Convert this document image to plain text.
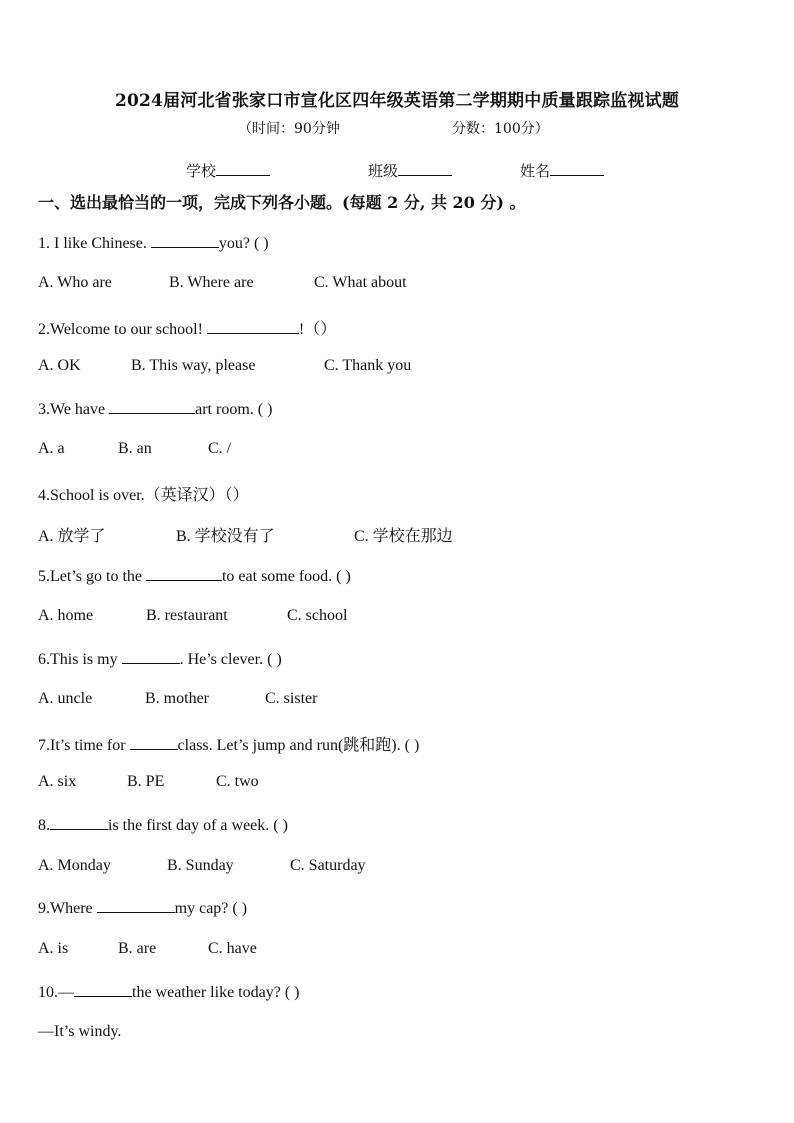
2024届河北省张家口市宣化区四年级英语第二学期期中质量跟踪监视试题
（时间：90分钟	分数：100分）
学校	班级	姓名
一、选出最恰当的一项，完成下列各小题。(每题 2 分, 共 20 分) 。
1. I like Chinese.	you? ( )
A. Who are	B. Where are	C. What about
2.Welcome to our school!	!（）
A. OK	B. This way, please	C. Thank you
3.We have	art room. ( )
A. a	B. an	C. /
4.School is over.（英译汉）（）
A. 放学了	B. 学校没有了	C. 学校在那边
5.Let’s go to the	to eat some food. ( )
A. home	B. restaurant	C. school
6.This is my	. He’s clever. ( )
A. uncle	B. mother	C. sister
7.It’s time for	class. Let’s jump and run(跳和跑). ( )
A. six	B. PE	C. two
8.	is the first day of a week. ( )
A. Monday	B. Sunday	C. Saturday
9.Where	my cap? ( )
A. is	B. are	C. have
10.—	the weather like today? ( )
—It’s windy.
